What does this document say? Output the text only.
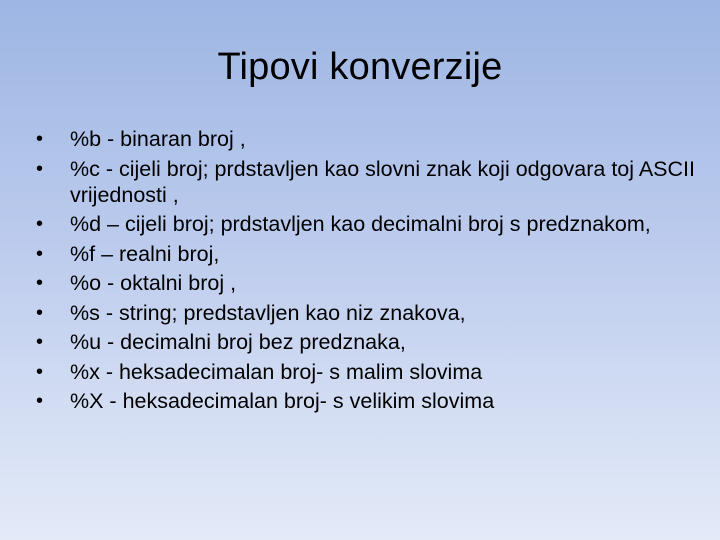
Tipovi konverzije
•	%b - binaran broj ,
•	%c - cijeli broj; prdstavljen kao slovni znak koji odgovara toj ASCII vrijednosti ,
•	%d – cijeli broj; prdstavljen kao decimalni broj s predznakom,
•	%f – realni broj,
•	%o - oktalni broj ,
•	%s - string; predstavljen kao niz znakova,
•	%u - decimalni broj bez predznaka,
•	%x - heksadecimalan broj- s malim slovima
•	%X - heksadecimalan broj- s velikim slovima
